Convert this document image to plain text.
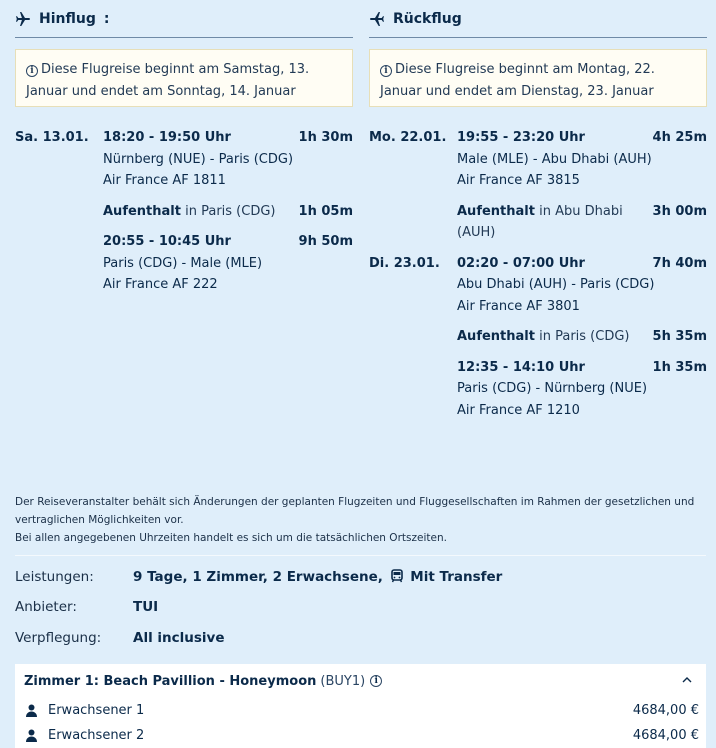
Hinflug :
i Diese Flugreise beginnt am Samstag, 13. Januar und endet am Sonntag, 14. Januar
Sa. 13.01.	18:20 - 19:50 Uhr
Nürnberg (NUE) - Paris (CDG)
Air France AF 1811
1h 30m
Aufenthalt in Paris (CDG)	1h 05m
20:55 - 10:45 Uhr
Paris (CDG) - Male (MLE)
Air France AF 222
9h 50m
Rückflug
i Diese Flugreise beginnt am Montag, 22. Januar und endet am Dienstag, 23. Januar
Mo. 22.01. 19:55 - 23:20 Uhr
Male (MLE) - Abu Dhabi (AUH)
Air France AF 3815
4h 25m
Aufenthalt in Abu Dhabi (AUH)
3h 00m
Di. 23.01.	02:20 - 07:00 Uhr
Abu Dhabi (AUH) - Paris (CDG)
Air France AF 3801
7h 40m
Aufenthalt in Paris (CDG)	5h 35m
12:35 - 14:10 Uhr
Paris (CDG) - Nürnberg (NUE)
Air France AF 1210
1h 35m
Der Reiseveranstalter behält sich Änderungen der geplanten Flugzeiten und Fluggesellschaften im Rahmen der gesetzlichen und vertraglichen Möglichkeiten vor.
Bei allen angegebenen Uhrzeiten handelt es sich um die tatsächlichen Ortszeiten.
Leistungen:	9 Tage, 1 Zimmer, 2 Erwachsene, Mit Transfer
Anbieter:	TUI
Verpflegung: All inclusive
Zimmer 1: Beach Pavillion - Honeymoon (BUY1)	i
Erwachsener 1	4684,00 €
Erwachsener 2	4684,00 €
